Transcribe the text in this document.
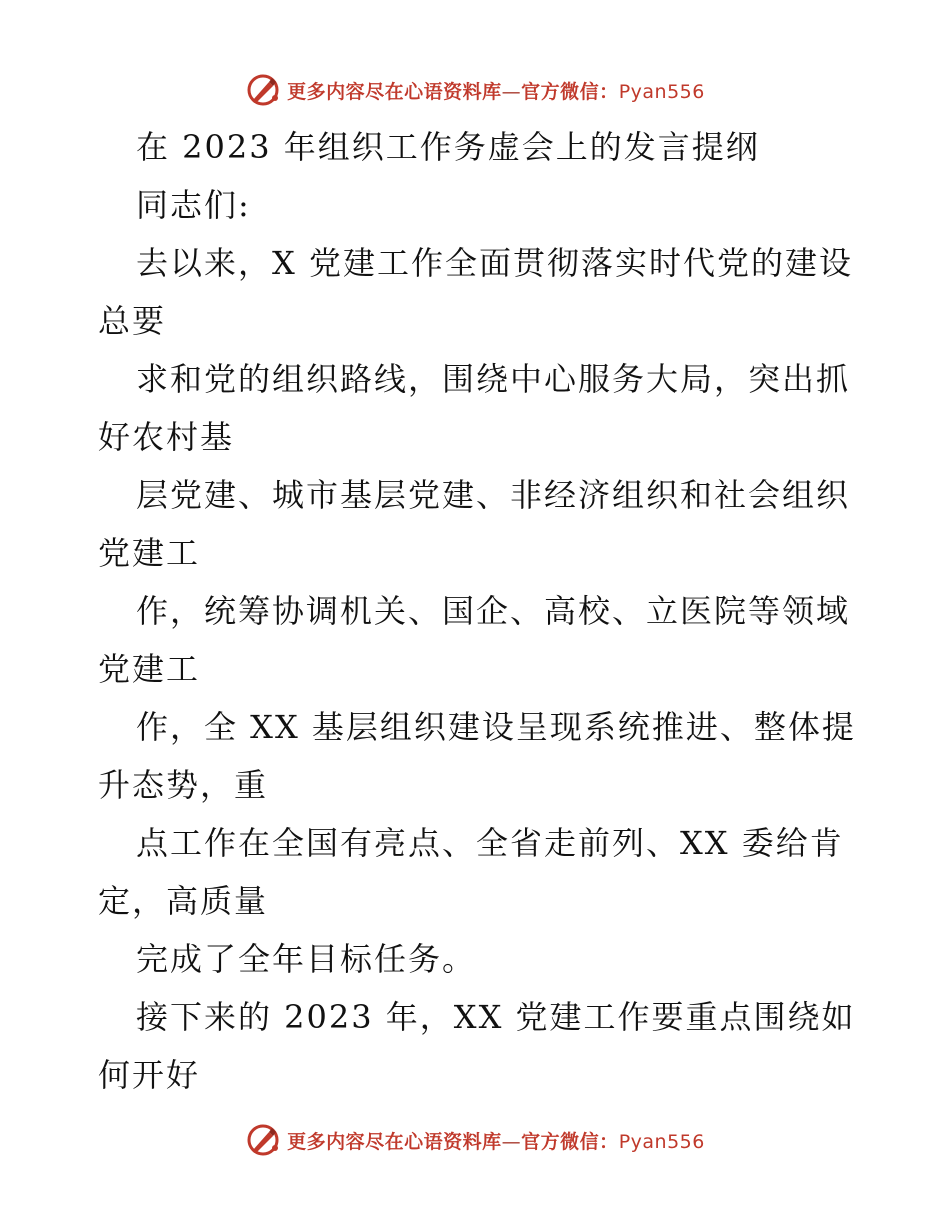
更多内容尽在心语资料库—官方微信：Pyan556
在 2023 年组织工作务虚会上的发言提纲
同志们:
去以来，X 党建工作全面贯彻落实时代党的建设
总要
求和党的组织路线，围绕中心服务大局，突出抓
好农村基
层党建、城市基层党建、非经济组织和社会组织
党建工
作，统筹协调机关、国企、高校、立医院等领域
党建工
作，全 XX 基层组织建设呈现系统推进、整体提
升态势，重
点工作在全国有亮点、全省走前列、XX 委给肯
定，高质量
完成了全年目标任务。
接下来的 2023 年，XX 党建工作要重点围绕如
何开好
更多内容尽在心语资料库—官方微信：Pyan556
